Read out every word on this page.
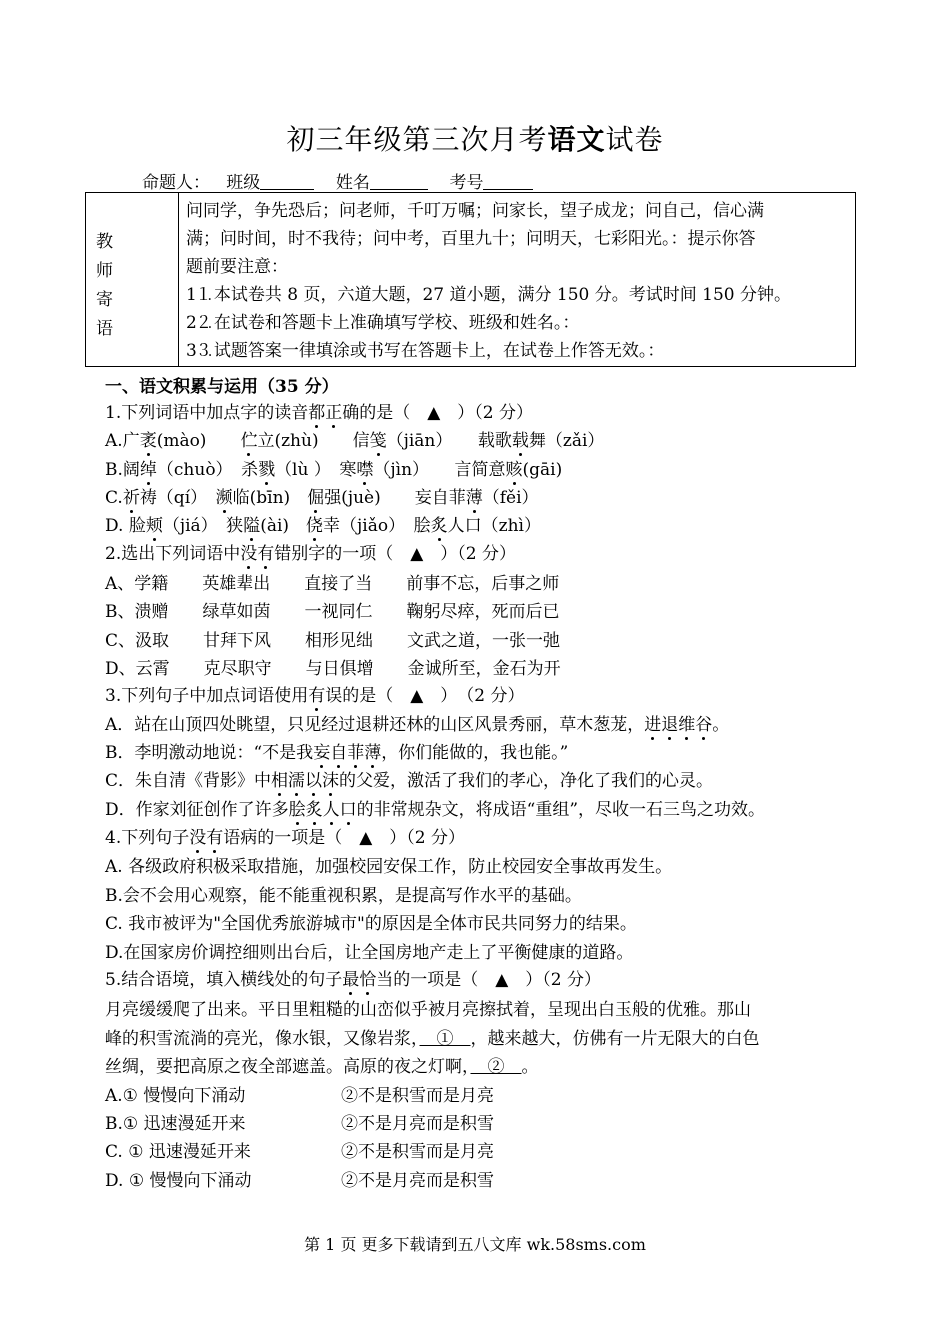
初三年级第三次月考语文试卷
命题人： 班级	姓名	考号
教
师
寄
语
问同学，争先恐后；问老师，千叮万嘱；问家长，望子成龙；问自己，信心满
满；问时间，时不我待；问中考，百里九十；问明天，七彩阳光。：提示你答
题前要注意：
1⒈本试卷共 8 页，六道大题，27 道小题，满分 150 分。考试时间 150 分钟。
2⒉在试卷和答题卡上准确填写学校、班级和姓名。：
3⒊试题答案一律填涂或书写在答题卡上，在试卷上作答无效。：
一、语文积累与运用（35 分）
1.下列词语中加点字的读音都正确的是（　▲　）（2 分）
A.广袤(mào)　　伫立(zhù)　　信笺（jiān）　　载歌载舞（zǎi）
B.阔绰（chuò）　杀戮（lù ）　寒噤（jìn）　　言简意赅(gāi)
C.祈祷（qí）　濒临(bīn)　倔强(juè)　　妄自菲薄（fěi）
D. 脸颊（jiá）　狭隘(ài)　侥幸（jiǎo）　脍炙人口（zhì）
2.选出下列词语中没有错别字的一项（　▲　）（2 分）
A、学籍　　英雄辈出　　直接了当　　前事不忘，后事之师
B、溃赠　　绿草如茵　　一视同仁　　鞠躬尽瘁，死而后已
C、汲取　　甘拜下风　　相形见绌　　文武之道，一张一弛
D、云霄　　克尽职守　　与日俱增　　金诚所至，金石为开
3.下列句子中加点词语使用有误的是（　▲　）　（2 分）
A．站在山顶四处眺望，只见经过退耕还林的山区风景秀丽，草木葱茏，进退维谷。
B．李明激动地说：“不是我妄自菲薄，你们能做的，我也能。”
C．朱自清《背影》中相濡以沫的父爱，激活了我们的孝心，净化了我们的心灵。
D．作家刘征创作了许多脍炙人口的非常规杂文，将成语“重组”，尽收一石三鸟之功效。
4.下列句子没有语病的一项是（　▲　）（2 分）
A. 各级政府积极采取措施，加强校园安保工作，防止校园安全事故再发生。
B.会不会用心观察，能不能重视积累，是提高写作水平的基础。
C. 我市被评为"全国优秀旅游城市"的原因是全体市民共同努力的结果。
D.在国家房价调控细则出台后，让全国房地产走上了平衡健康的道路。
5.结合语境，填入横线处的句子最恰当的一项是（　▲　）（2 分）
月亮缓缓爬了出来。平日里粗糙的山峦似乎被月亮擦拭着，呈现出白玉般的优雅。那山
峰的积雪流淌的亮光，像水银，又像岩浆，　①　，越来越大，仿佛有一片无限大的白色
丝绸，要把高原之夜全部遮盖。高原的夜之灯啊，　②　。
A.① 慢慢向下涌动	②不是积雪而是月亮
B.① 迅速漫延开来	②不是月亮而是积雪
C. ① 迅速漫延开来	②不是积雪而是月亮
D. ① 慢慢向下涌动	②不是月亮而是积雪
第 1 页 更多下载请到五八文库 wk.58sms.com
